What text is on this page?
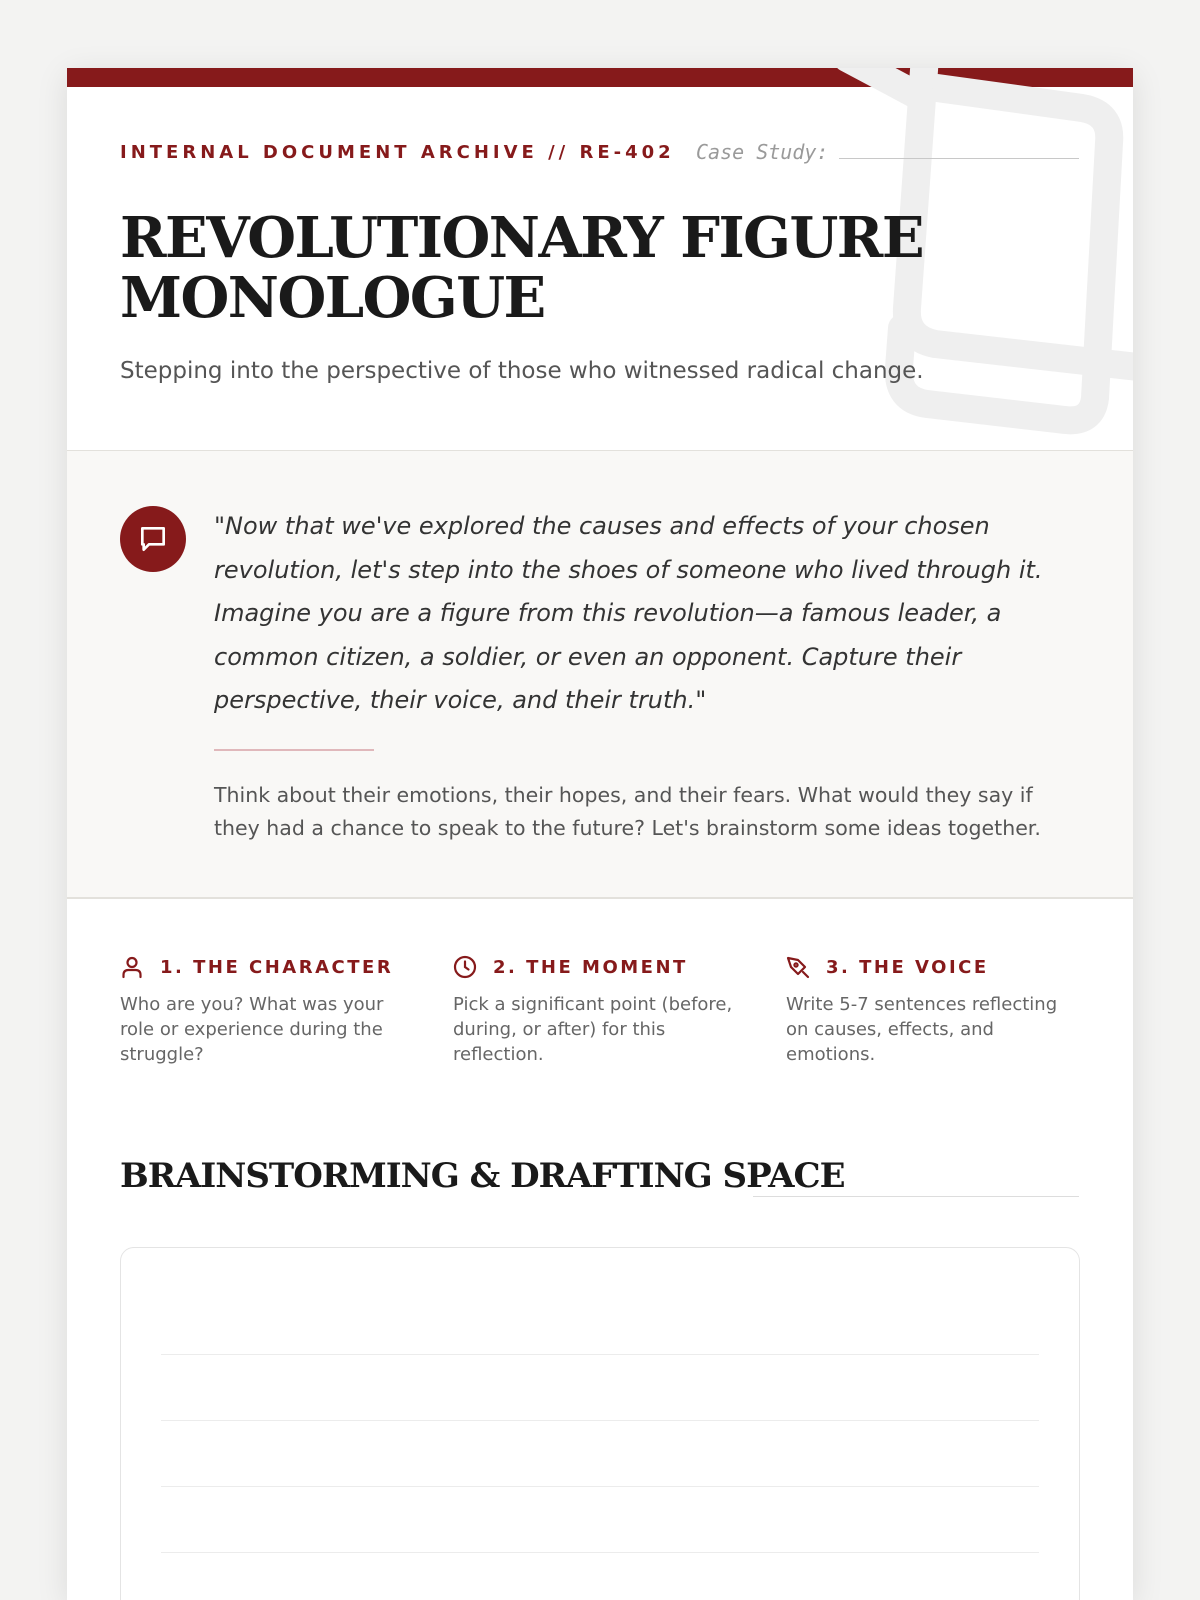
INTERNAL DOCUMENT ARCHIVE // RE-402 Case Study:

REVOLUTIONARY FIGURE MONOLOGUE

Stepping into the perspective of those who witnessed radical change.

"Now that we've explored the causes and effects of your chosen revolution, let's step into the shoes of someone who lived through it. Imagine you are a figure from this revolution—a famous leader, a common citizen, a soldier, or even an opponent. Capture their perspective, their voice, and their truth."

Think about their emotions, their hopes, and their fears. What would they say if they had a chance to speak to the future? Let's brainstorm some ideas together.

1. THE CHARACTER

Who are you? What was your role or experience during the struggle?

2. THE MOMENT

Pick a significant point (before, during, or after) for this reflection.

3. THE VOICE

Write 5-7 sentences reflecting on causes, effects, and emotions.

BRAINSTORMING & DRAFTING SPACE
